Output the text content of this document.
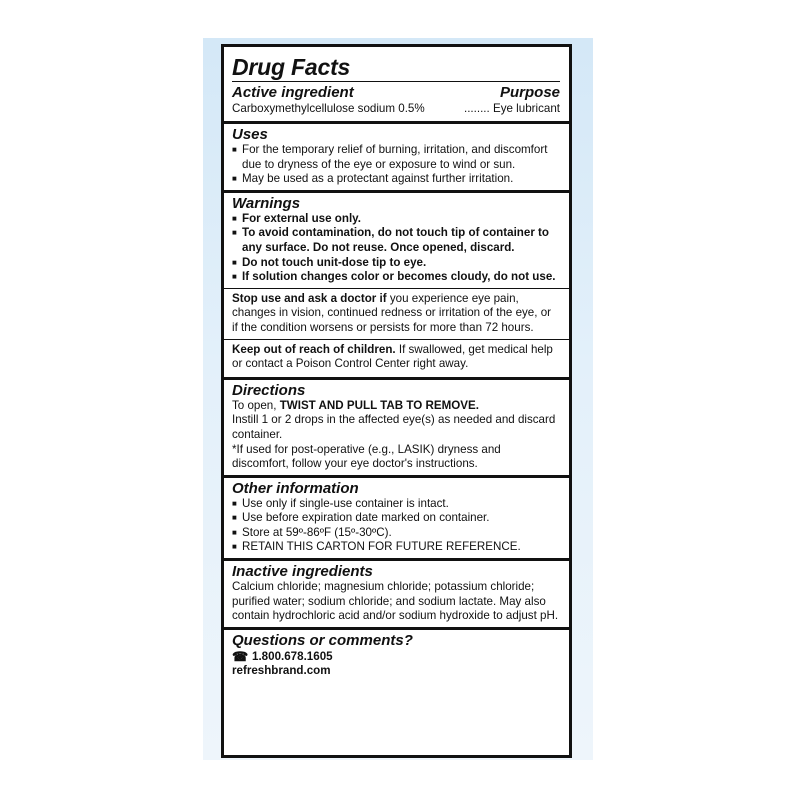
Drug Facts
Active ingredient	Purpose
Carboxymethylcellulose sodium 0.5%	........ Eye lubricant
Uses
■ For the temporary relief of burning, irritation, and discomfort due to dryness of the eye or exposure to wind or sun.
■ May be used as a protectant against further irritation.
Warnings
■ For external use only.
■ To avoid contamination, do not touch tip of container to any surface. Do not reuse. Once opened, discard.
■ Do not touch unit-dose tip to eye.
■ If solution changes color or becomes cloudy, do not use.
Stop use and ask a doctor if you experience eye pain, changes in vision, continued redness or irritation of the eye, or if the condition worsens or persists for more than 72 hours.
Keep out of reach of children. If swallowed, get medical help or contact a Poison Control Center right away.
Directions
To open, TWIST AND PULL TAB TO REMOVE.
Instill 1 or 2 drops in the affected eye(s) as needed and discard container.
*If used for post-operative (e.g., LASIK) dryness and discomfort, follow your eye doctor's instructions.
Other information
■ Use only if single-use container is intact.
■ Use before expiration date marked on container.
■ Store at 59º-86ºF (15º-30ºC).
■ RETAIN THIS CARTON FOR FUTURE REFERENCE.
Inactive ingredients
Calcium chloride; magnesium chloride; potassium chloride; purified water; sodium chloride; and sodium lactate. May also contain hydrochloric acid and/or sodium hydroxide to adjust pH.
Questions or comments?
☎ 1.800.678.1605
refreshbrand.com
